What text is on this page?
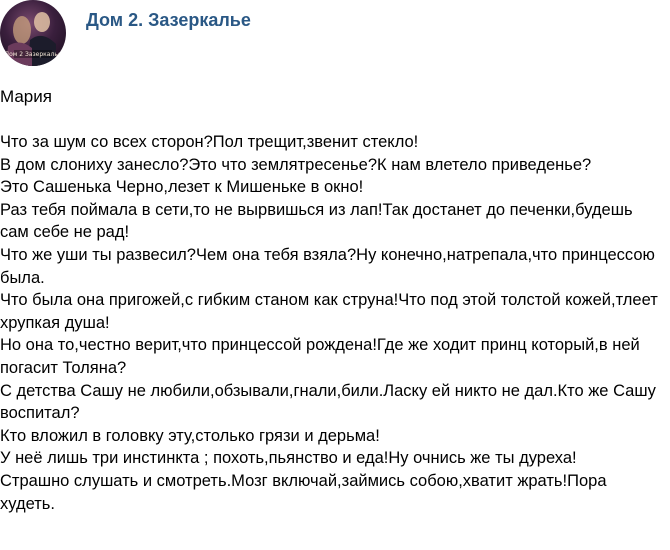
Дом 2 Зазеркалье
Дом 2. Зазеркалье
Мария

Что за шум со всех сторон?Пол трещит,звенит стекло!

В дом слониху занесло?Это что землятресенье?К нам влетело приведенье?

Это Сашенька Черно,лезет к Мишеньке в окно!

Раз тебя поймала в сети,то не вырвишься из лап!Так достанет до печенки,будешь сам себе не рад!

Что же уши ты развесил?Чем она тебя взяла?Ну конечно,натрепала,что принцессою была.

Что была она пригожей,с гибким станом как струна!Что под этой толстой кожей,тлеет хрупкая душа!

Но она то,честно верит,что принцессой рождена!Где же ходит принц который,в ней погасит Толяна?

С детства Сашу не любили,обзывали,гнали,били.Ласку ей никто не дал.Кто же Сашу воспитал?

Кто вложил в головку эту,столько грязи и дерьма!

У неё лишь три инстинкта ; похоть,пьянство и еда!Ну очнись же ты дуреха!

Страшно слушать и смотреть.Мозг включай,займись собою,хватит жрать!Пора худеть.
